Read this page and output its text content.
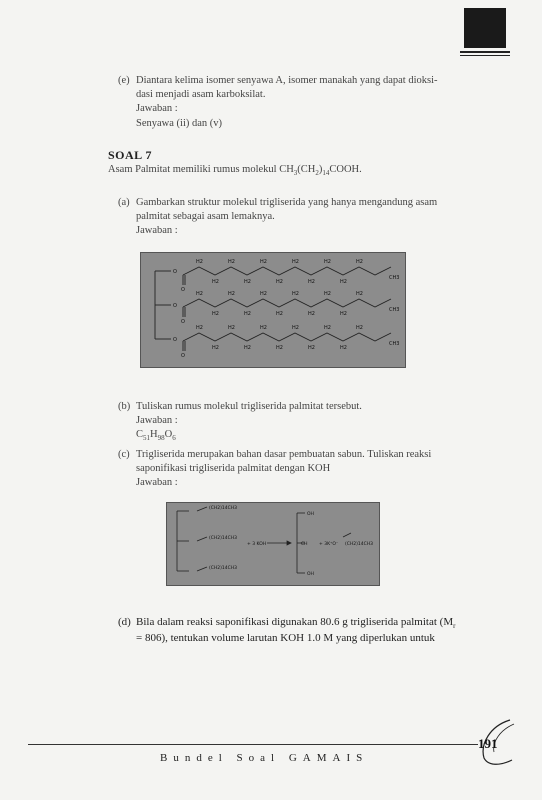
(e) Diantara kelima isomer senyawa A, isomer manakah yang dapat dioksi-
dasi menjadi asam karboksilat.
Jawaban :
Senyawa (ii) dan (v)
SOAL 7
Asam Palmitat memiliki rumus molekul $CH_3(CH_2)_{14}COOH$.
(a) Gambarkan struktur molekul trigliserida yang hanya mengandung asam
palmitat sebagai asam lemaknya.
Jawaban :
O
O
O
O
O
O
H2	H2	H2	H2	H2	H2
H2	H2	H2	H2	H2
H2	H2	H2	H2	H2	H2
H2	H2	H2	H2	H2
H2	H2	H2	H2	H2	H2
H2	H2	H2	H2	H2
CH3
CH3
CH3
(b) Tuliskan rumus molekul trigliserida palmitat tersebut.
Jawaban :
$C_{51}H_{98}O_6$
(c) Trigliserida merupakan bahan dasar pembuatan sabun. Tuliskan reaksi
saponifikasi trigliserida palmitat dengan KOH
Jawaban :
(CH2)14CH3
(CH2)14CH3
(CH2)14CH3
+ 3 KOH
OH
CH
OH
+ 3K⁺O⁻ (CH2)14CH3
(d) Bila dalam reaksi saponifikasi digunakan 80.6 g trigliserida palmitat ($M_r$
= 806), tentukan volume larutan KOH 1.0 M yang diperlukan untuk
191
Bundel Soal GAMAIS
